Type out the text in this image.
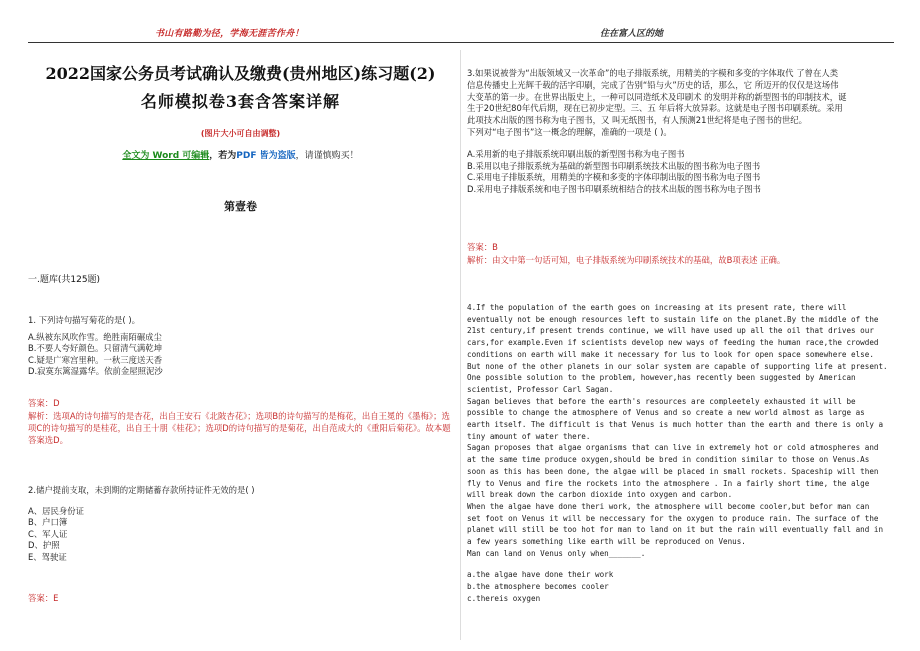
书山有路勤为径，学海无涯苦作舟！	住在富人区的她
2022国家公务员考试确认及缴费(贵州地区)练习题(2)
名师模拟卷3套含答案详解
(图片大小可自由调整)
全文为 Word 可编辑，若为PDF 皆为盗版，请谨慎购买！
第壹卷
一.题库(共125题)
1. 下列诗句描写菊花的是( )。
A.纵被东风吹作雪。绝胜南陌碾成尘
B.不要人夸好颜色。只留清气满乾坤
C.疑是广寒宫里种。一秋三度送天香
D.寂寞东篱湿露华。依前金屋照泥沙
答案：D
解析：选项A的诗句描写的是杏花，出自王安石《北陂杏花》；选项B的诗句描写的是梅花，出自王冕的《墨梅》；选项C的诗句描写的是桂花，出自王十朋《桂花》；选项D的诗句描写的是菊花，出自范成大的《重阳后菊花》。故本题答案选D。
2.储户提前支取，未到期的定期储蓄存款所持证件无效的是( )
A、居民身份证
B、户口簿
C、军人证
D、护照
E、驾驶证
答案：E
3.如果说被誉为“出版领域又一次革命”的电子排版系统，用精美的字模和多变的字体取代 了曾在人类
信息传播史上光辉千载的活字印刷，完成了告别“铅与火”历史的话，那么，它 所迈开的仅仅是这场伟
大变革的第一步。在世界出版史上，一种可以同造纸术及印刷术 的发明并称的新型图书的印制技术，诞
生于20世纪80年代后期，现在已初步定型。三、五 年后将大放异彩。这就是电子图书印刷系统。采用
此项技术出版的图书称为电子图书，又 叫无纸图书，有人预测21世纪将是电子图书的世纪。
下列对“电子图书”这一概念的理解，准确的一项是 ( )。
A.采用新的电子排版系统印刷出版的新型图书称为电子图书
B.采用以电子排版系统为基础的新型图书印刷系统技术出版的图书称为电子图书
C.采用电子排版系统，用精美的字模和多变的字体印制出版的图书称为电子图书
D.采用电子排版系统和电子图书印刷系统相结合的技术出版的图书称为电子图书
答案：B
解析：由文中第一句话可知，电子排版系统为印刷系统技术的基础，故B项表述 正确。
4.If the population of the earth goes on increasing at its present rate, there will
eventually not be enough resources left to sustain life on the planet.By the middle of the
21st century,if present trends continue, we will have used up all the oil that drives our
cars,for example.Even if scientists develop new ways of feeding the human race,the crowded
conditions on earth will make it necessary for lus to look for open space somewhere else.
But none of the other planets in our solar system are capable of supporting life at present.
One possible solution to the problem, however,has recently been suggested by American
scientist, Professor Carl Sagan.
Sagan believes that before the earth's resources are compleetely exhausted it will be
possible to change the atmosphere of Venus and so create a new world almost as large as
earth itself. The difficult is that Venus is much hotter than the earth and there is only a
tiny amount of water there.
Sagan proposes that algae organisms that can live in extremely hot or cold atmospheres and
at the same time produce oxygen,should be bred in condition similar to those on Venus.As
soon as this has been done, the algae will be placed in small rockets. Spaceship will then
fly to Venus and fire the rockets into the atmosphere . In a fairly short time, the alge
will break down the carbon dioxide into oxygen and carbon.
When the algae have done theri work, the atmosphere will become cooler,but befor man can
set foot on Venus it will be neccessary for the oxygen to produce rain. The surface of the
planet will still be too hot for man to land on it but the rain will eventually fall and in
a few years something like earth will be reproduced on Venus.
Man can land on Venus only when_______.
a.the algae have done their work
b.the atmosphere becomes cooler
c.thereis oxygen
